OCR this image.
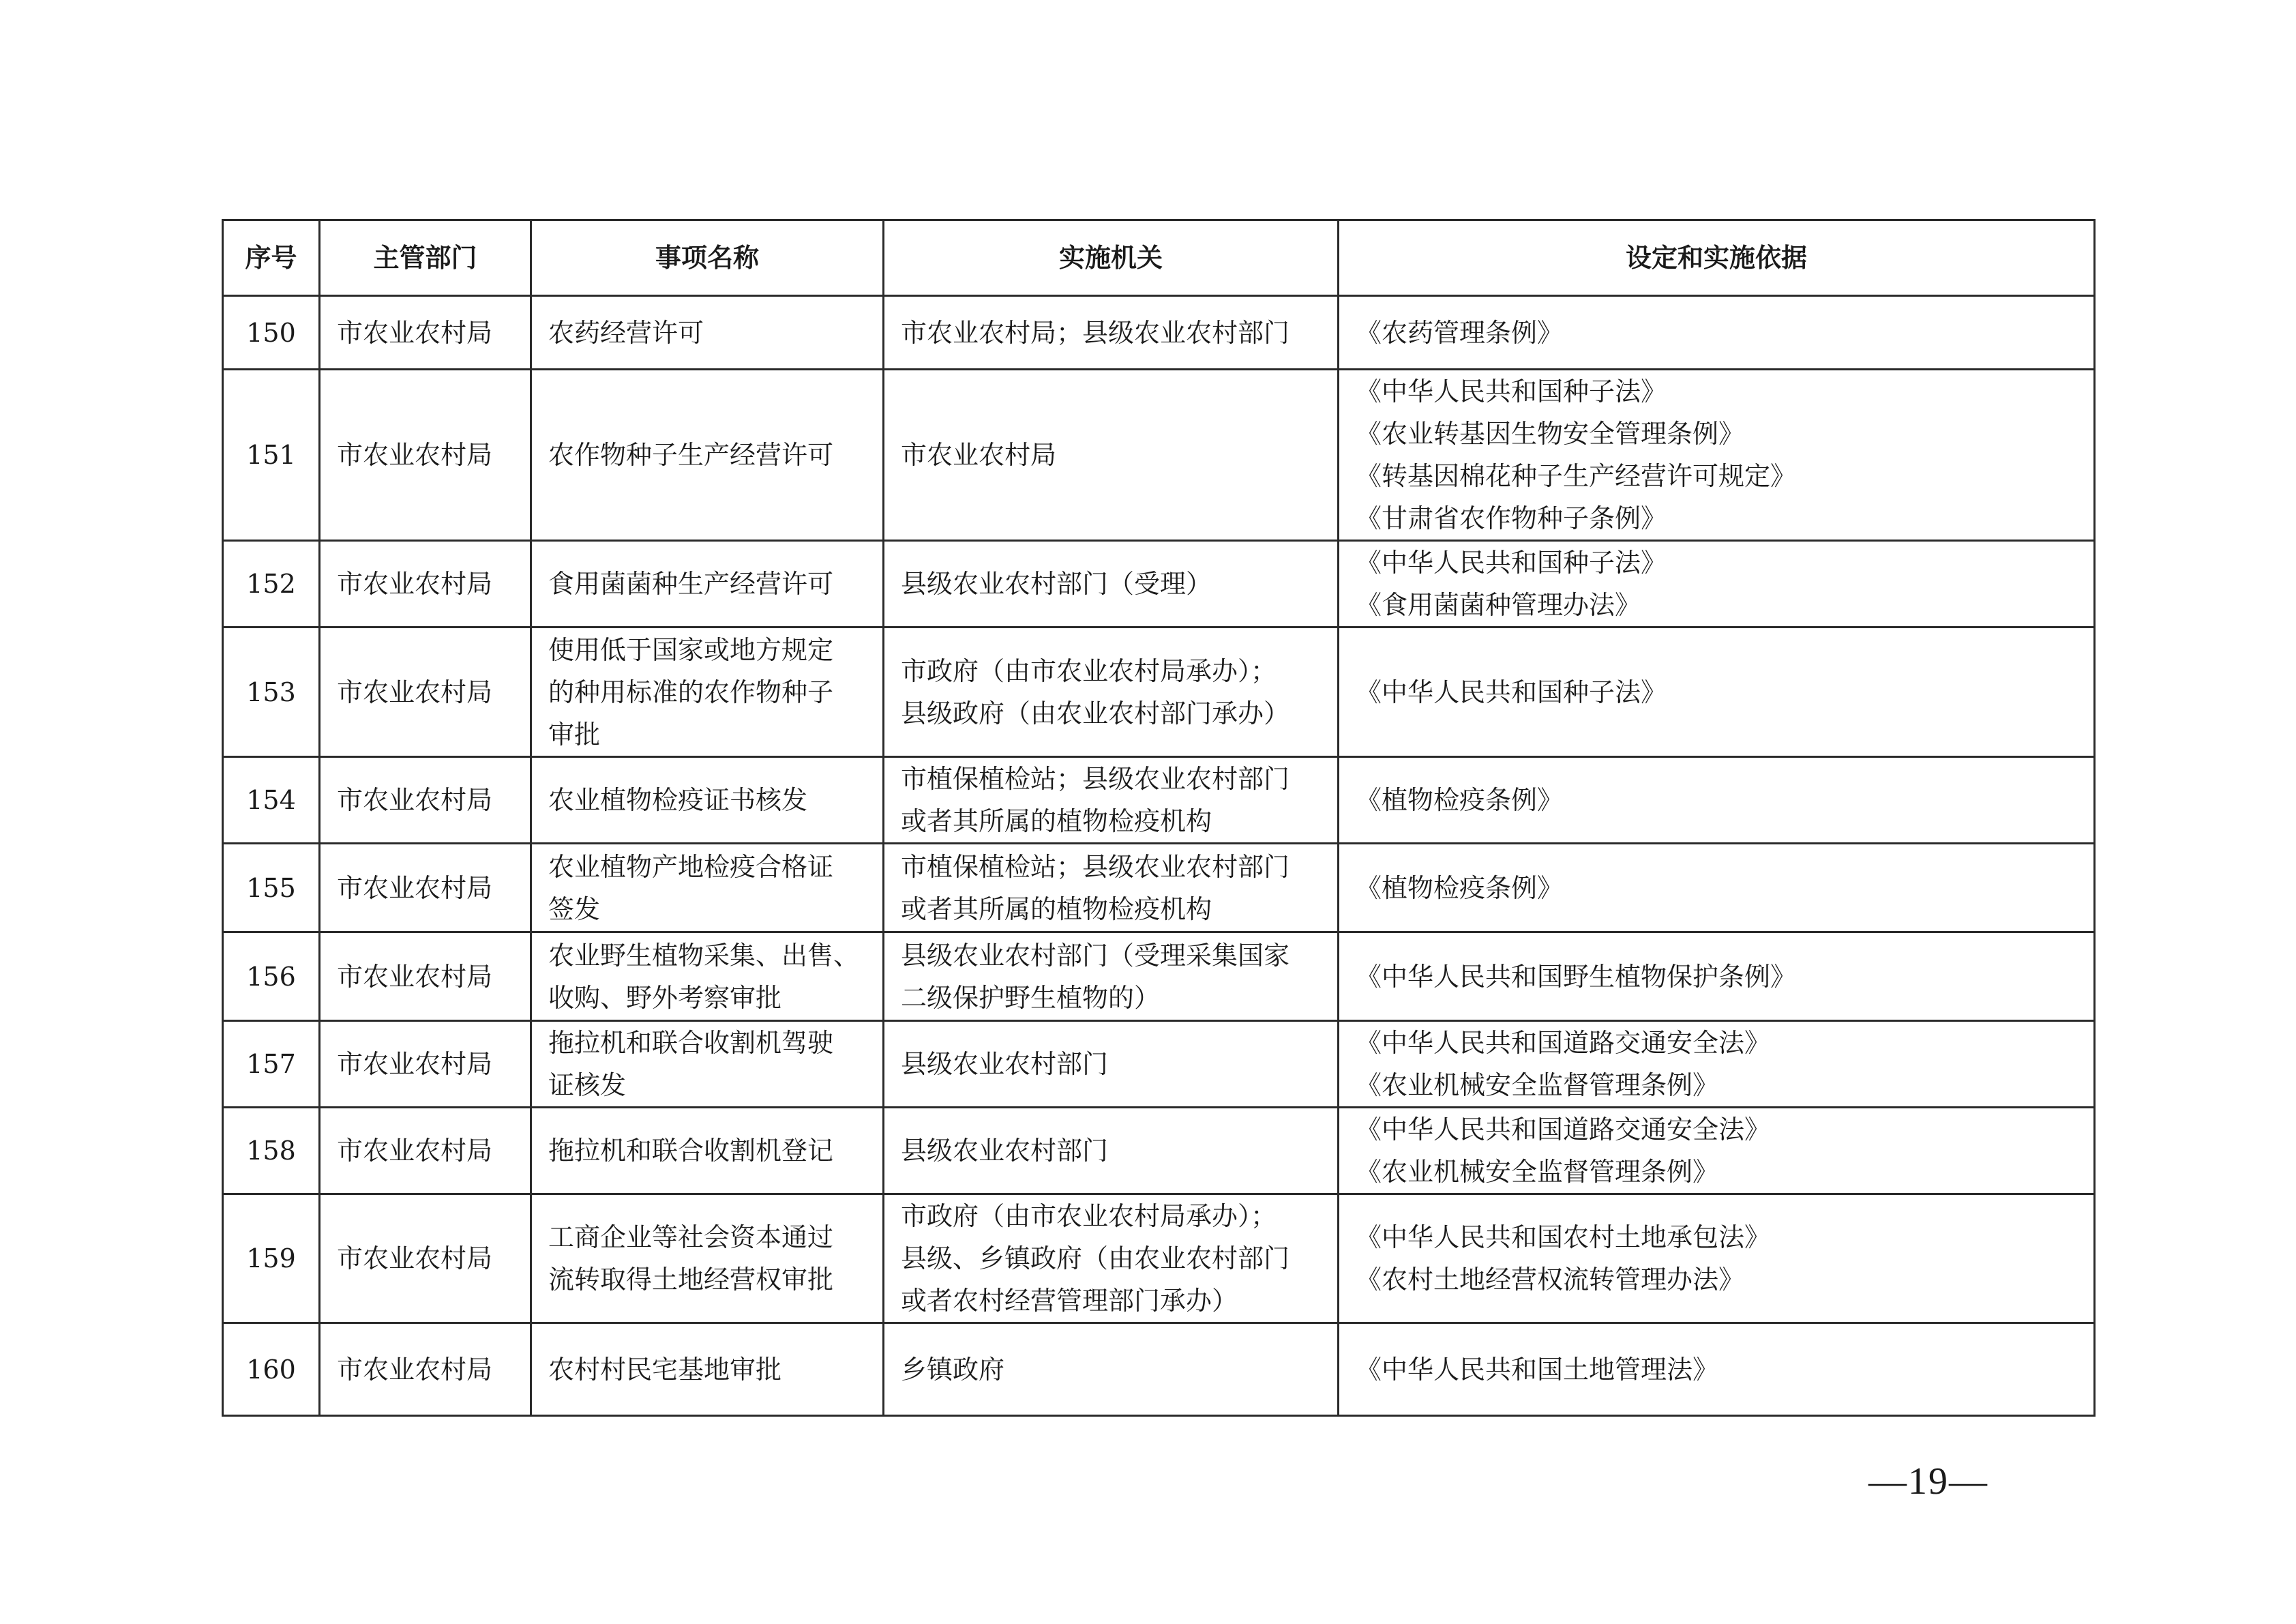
序号	主管部门	事项名称	实施机关	设定和实施依据
150	市农业农村局	农药经营许可	市农业农村局；县级农业农村部门	《农药管理条例》

151	市农业农村局	农作物种子生产经营许可	市农业农村局	《中华人民共和国种子法》
《农业转基因生物安全管理条例》
《转基因棉花种子生产经营许可规定》
《甘肃省农作物种子条例》

152	市农业农村局	食用菌菌种生产经营许可	县级农业农村部门（受理）	《中华人民共和国种子法》
《食用菌菌种管理办法》

153	市农业农村局	使用低于国家或地方规定
的种用标准的农作物种子
审批	市政府（由市农业农村局承办）；
县级政府（由农业农村部门承办）	《中华人民共和国种子法》

154	市农业农村局	农业植物检疫证书核发	市植保植检站；县级农业农村部门
或者其所属的植物检疫机构	《植物检疫条例》

155	市农业农村局	农业植物产地检疫合格证
签发	市植保植检站；县级农业农村部门
或者其所属的植物检疫机构	《植物检疫条例》

156	市农业农村局	农业野生植物采集、出售、
收购、野外考察审批	县级农业农村部门（受理采集国家
二级保护野生植物的）	《中华人民共和国野生植物保护条例》

157	市农业农村局	拖拉机和联合收割机驾驶
证核发	县级农业农村部门	《中华人民共和国道路交通安全法》
《农业机械安全监督管理条例》

158	市农业农村局	拖拉机和联合收割机登记	县级农业农村部门	《中华人民共和国道路交通安全法》
《农业机械安全监督管理条例》

159	市农业农村局	工商企业等社会资本通过
流转取得土地经营权审批	市政府（由市农业农村局承办）；
县级、乡镇政府（由农业农村部门
或者农村经营管理部门承办）	《中华人民共和国农村土地承包法》
《农村土地经营权流转管理办法》

160	市农业农村局	农村村民宅基地审批	乡镇政府	《中华人民共和国土地管理法》
—19—
